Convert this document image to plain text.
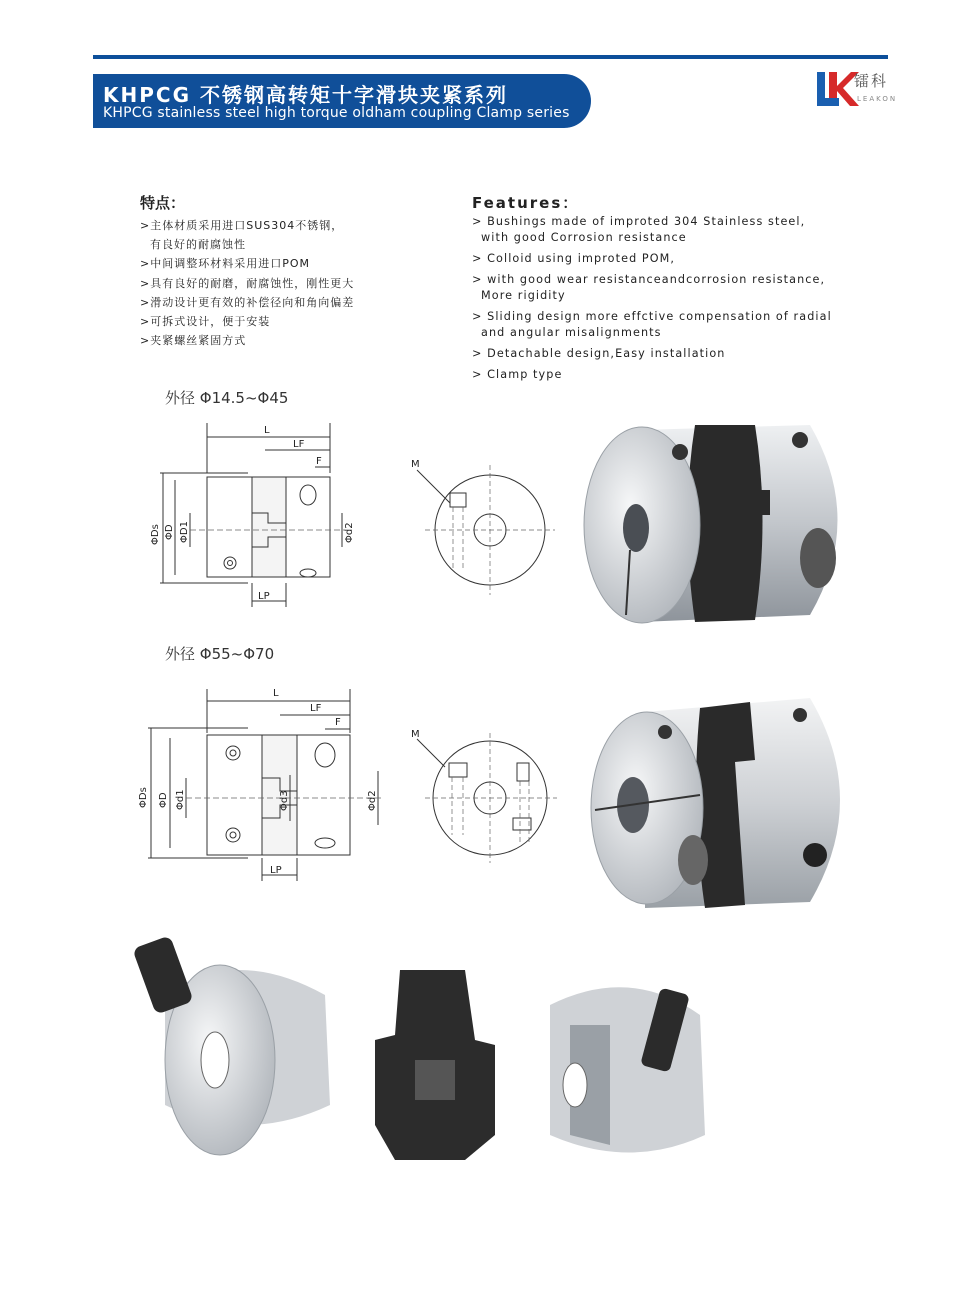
KHPCG 不锈钢高转矩十字滑块夹紧系列
KHPCG stainless steel high torque oldham coupling Clamp series
镭科
LEAKON
特点：
>主体材质采用进口SUS304不锈钢，
有良好的耐腐蚀性
>中间调整环材料采用进口POM
>具有良好的耐磨，耐腐蚀性，刚性更大
>滑动设计更有效的补偿径向和角向偏差
>可拆式设计，便于安装
>夹紧螺丝紧固方式
Features：
> Bushings made of improted 304 Stainless steel,
with good Corrosion resistance
> Colloid using improted POM,
> with good wear resistanceandcorrosion resistance,
More rigidity
> Sliding design more effctive compensation of radial
and angular misalignments
> Detachable design,Easy installation
> Clamp type
外径 Φ14.5~Φ45
外径 Φ55~Φ70
L
LF
F
LP
ΦDs ΦD ΦD1	Φd2
M
L
LF
F
LP
ΦDs ΦD Φd1	Φd3	Φd2
M
